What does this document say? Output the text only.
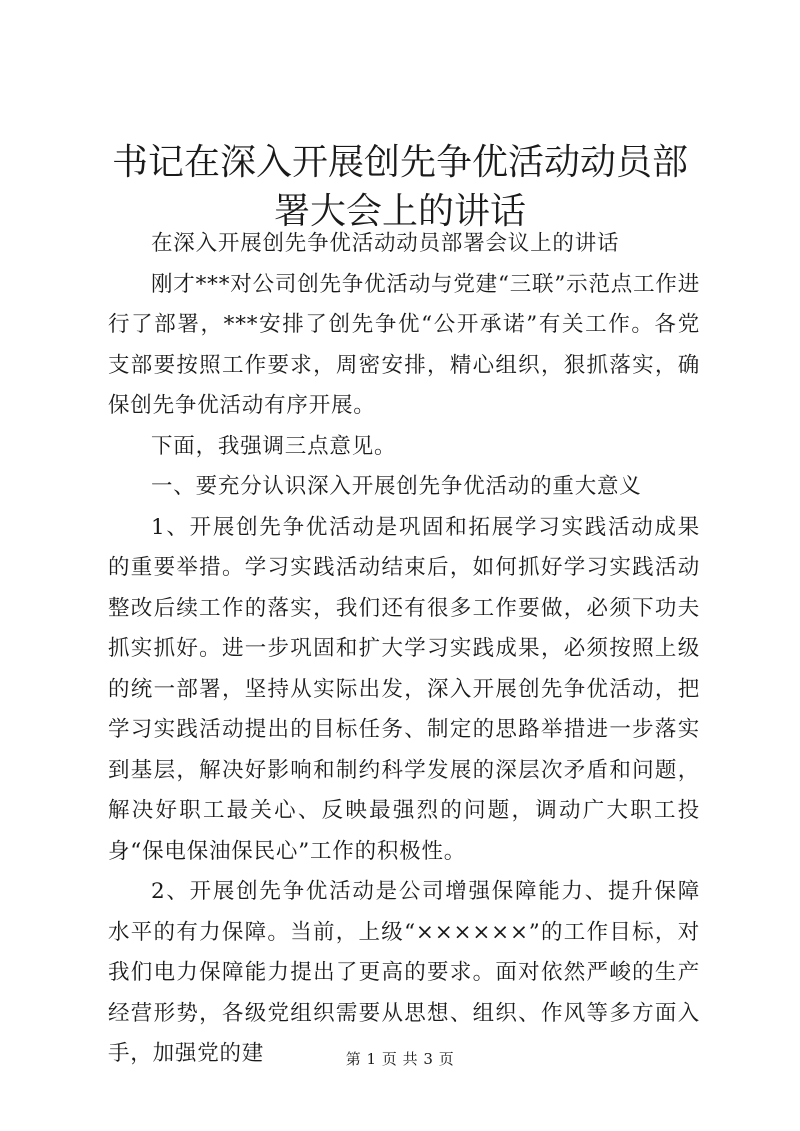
书记在深入开展创先争优活动动员部署大会上的讲话

在深入开展创先争优活动动员部署会议上的讲话

刚才***对公司创先争优活动与党建“三联”示范点工作进行了部署，***安排了创先争优“公开承诺”有关工作。各党支部要按照工作要求，周密安排，精心组织，狠抓落实，确保创先争优活动有序开展。

下面，我强调三点意见。

一、要充分认识深入开展创先争优活动的重大意义

1、开展创先争优活动是巩固和拓展学习实践活动成果的重要举措。学习实践活动结束后，如何抓好学习实践活动整改后续工作的落实，我们还有很多工作要做，必须下功夫抓实抓好。进一步巩固和扩大学习实践成果，必须按照上级的统一部署，坚持从实际出发，深入开展创先争优活动，把学习实践活动提出的目标任务、制定的思路举措进一步落实到基层，解决好影响和制约科学发展的深层次矛盾和问题，解决好职工最关心、反映最强烈的问题，调动广大职工投身“保电保油保民心”工作的积极性。

2、开展创先争优活动是公司增强保障能力、提升保障水平的有力保障。当前，上级“××××××”的工作目标，对我们电力保障能力提出了更高的要求。面对依然严峻的生产经营形势，各级党组织需要从思想、组织、作风等多方面入手，加强党的建	第 1 页 共 3 页
